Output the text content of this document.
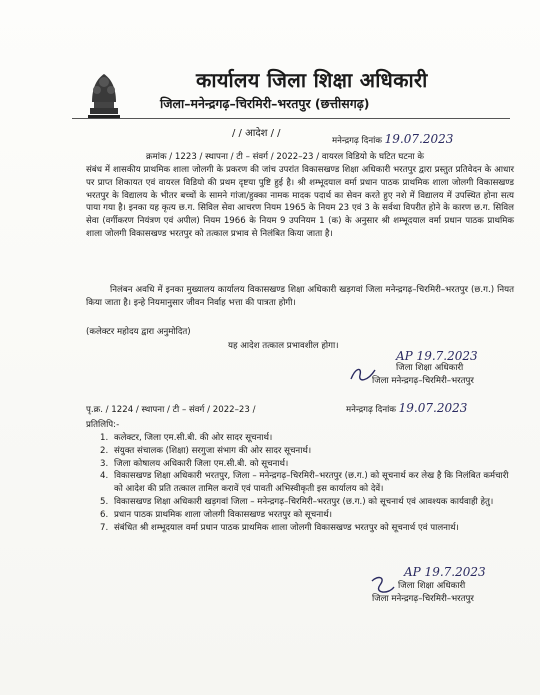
कार्यालय जिला शिक्षा अधिकारी
जिला–मनेन्द्रगढ़–चिरमिरी–भरतपुर (छत्तीसगढ़)
/ / आदेश / /
मनेन्द्रगढ़ दिनांक 19.07.2023
क्रमांक / 1223 / स्थापना / टी – संवर्ग / 2022–23 / वायरल विडियो के घटित घटना के
संबंध में शासकीय प्राथमिक शाला जोलगी के प्रकरण की जांच उपरांत विकासखण्ड शिक्षा अधिकारी भरतपुर द्वारा प्रस्तुत प्रतिवेदन के आधार पर प्राप्त शिकायत एवं वायरल विडियो की प्रथम दृष्टया पुष्टि हुई है। श्री शम्भूदयाल वर्मा प्रधान पाठक प्राथमिक शाला जोलगी विकासखण्ड भरतपुर के विद्यालय के भीतर बच्चों के सामने गांजा/हुक्का नामक मादक पदार्थ का सेवन करते हुए नशे में विद्यालय में उपस्थित होना सत्य पाया गया है। इनका यह कृत्य छ.ग. सिविल सेवा आचरण नियम 1965 के नियम 23 एवं 3 के सर्वथा विपरीत होने के कारण छ.ग. सिविल सेवा (वर्गीकरण नियंत्रण एवं अपील) नियम 1966 के नियम 9 उपनियम 1 (क) के अनुसार श्री शम्भूदयाल वर्मा प्रधान पाठक प्राथमिक शाला जोलगी विकासखण्ड भरतपुर को तत्काल प्रभाव से निलंबित किया जाता है।
निलंबन अवधि में इनका मुख्यालय कार्यालय विकासखण्ड शिक्षा अधिकारी खड़गवां जिला मनेन्द्रगढ़–चिरमिरी–भरतपुर (छ.ग.) नियत किया जाता है। इन्हे नियमानुसार जीवन निर्वाह भत्ता की पात्रता होगी।
(कलेक्टर महोदय द्वारा अनुमोदित)
यह आदेश तत्काल प्रभावशील होगा।
AP 19.7.2023
जिला शिक्षा अधिकारी
जिला मनेन्द्रगढ़–चिरमिरी–भरतपुर
पृ.क्र. / 1224 / स्थापना / टी – संवर्ग / 2022–23 /	मनेन्द्रगढ़ दिनांक 19.07.2023
प्रतिलिपि:-
1. कलेक्टर, जिला एम.सी.बी. की ओर सादर सूचनार्थ।
2. संयुक्त संचालक (शिक्षा) सरगुजा संभाग की ओर सादर सूचनार्थ।
3. जिला कोषालय अधिकारी जिला एम.सी.बी. को सूचनार्थ।
4. विकासखण्ड शिक्षा अधिकारी भरतपुर, जिला – मनेन्द्रगढ़–चिरमिरी–भरतपुर (छ.ग.) को सूचनार्थ कर लेख है कि निलंबित कर्मचारी को आदेश की प्रति तत्काल तामिल करावें एवं पावती अभिस्वीकृती इस कार्यालय को देवें।
5. विकासखण्ड शिक्षा अधिकारी खड़गवां जिला – मनेन्द्रगढ़–चिरमिरी–भरतपुर (छ.ग.) को सूचनार्थ एवं आवश्यक कार्यवाही हेतु।
6. प्रधान पाठक प्राथमिक शाला जोलगी विकासखण्ड भरतपुर को सूचनार्थ।
7. संबंधित श्री शम्भूदयाल वर्मा प्रधान पाठक प्राथमिक शाला जोलगी विकासखण्ड भरतपुर को सूचनार्थ एवं पालनार्थ।
AP 19.7.2023
जिला शिक्षा अधिकारी
जिला मनेन्द्रगढ़–चिरमिरी–भरतपुर
